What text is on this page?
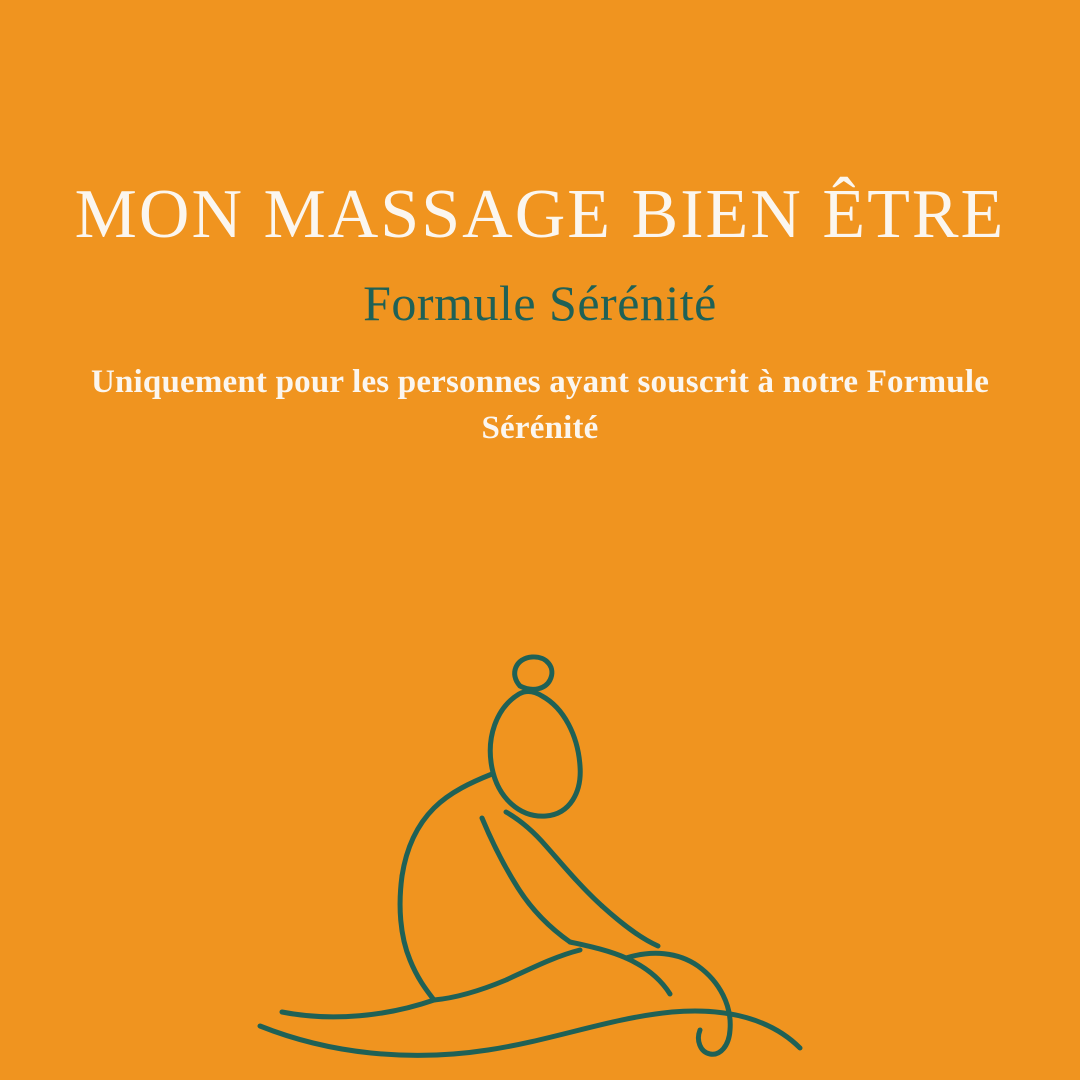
MON MASSAGE BIEN ÊTRE
Formule Sérénité

Uniquement pour les personnes ayant souscrit à notre Formule Sérénité
